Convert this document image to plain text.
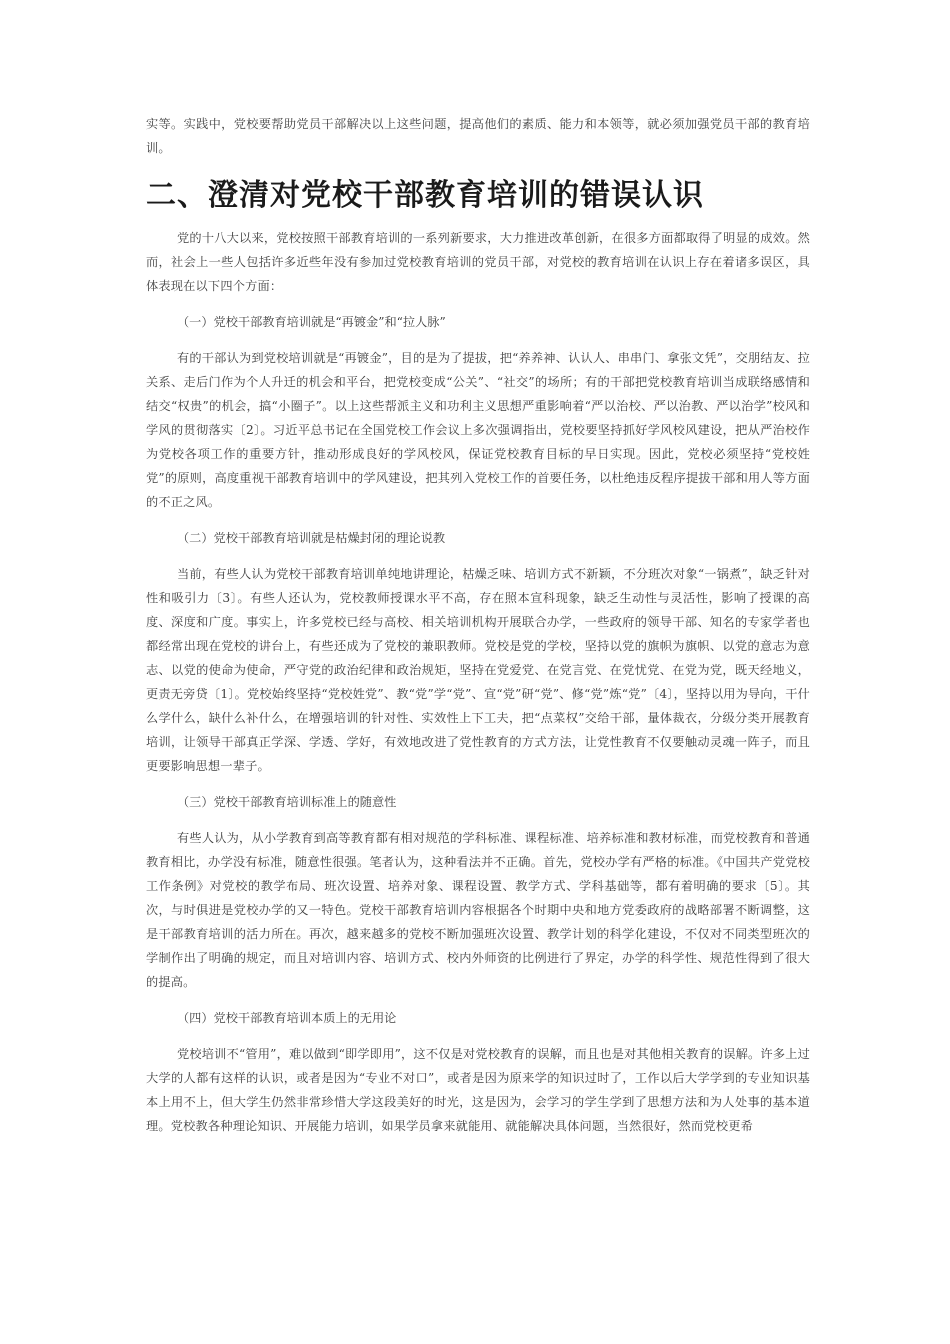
实等。实践中，党校要帮助党员干部解决以上这些问题，提高他们的素质、能力和本领等，就必须加强党员干部的教育培训。

二、澄清对党校干部教育培训的错误认识

党的十八大以来，党校按照干部教育培训的一系列新要求，大力推进改革创新，在很多方面都取得了明显的成效。然而，社会上一些人包括许多近些年没有参加过党校教育培训的党员干部，对党校的教育培训在认识上存在着诸多误区，具体表现在以下四个方面：

（一）党校干部教育培训就是“再镀金”和“拉人脉”

有的干部认为到党校培训就是“再镀金”，目的是为了提拔，把“养养神、认认人、串串门、拿张文凭”，交朋结友、拉关系、走后门作为个人升迁的机会和平台，把党校变成“公关”、“社交”的场所；有的干部把党校教育培训当成联络感情和结交“权贵”的机会，搞“小圈子”。以上这些帮派主义和功利主义思想严重影响着“严以治校、严以治教、严以治学”校风和学风的贯彻落实〔2〕。习近平总书记在全国党校工作会议上多次强调指出，党校要坚持抓好学风校风建设，把从严治校作为党校各项工作的重要方针，推动形成良好的学风校风，保证党校教育目标的早日实现。因此，党校必须坚持“党校姓党”的原则，高度重视干部教育培训中的学风建设，把其列入党校工作的首要任务，以杜绝违反程序提拔干部和用人等方面的不正之风。

（二）党校干部教育培训就是枯燥封闭的理论说教

当前，有些人认为党校干部教育培训单纯地讲理论，枯燥乏味、培训方式不新颖，不分班次对象“一锅煮”，缺乏针对性和吸引力〔3〕。有些人还认为，党校教师授课水平不高，存在照本宣科现象，缺乏生动性与灵活性，影响了授课的高度、深度和广度。事实上，许多党校已经与高校、相关培训机构开展联合办学，一些政府的领导干部、知名的专家学者也都经常出现在党校的讲台上，有些还成为了党校的兼职教师。党校是党的学校，坚持以党的旗帜为旗帜、以党的意志为意志、以党的使命为使命，严守党的政治纪律和政治规矩，坚持在党爱党、在党言党、在党忧党、在党为党，既天经地义，更责无旁贷〔1〕。党校始终坚持“党校姓党”、教“党”学“党”、宣“党”研“党”、修“党”炼“党”〔4〕，坚持以用为导向，干什么学什么，缺什么补什么，在增强培训的针对性、实效性上下工夫，把“点菜权”交给干部，量体裁衣，分级分类开展教育培训，让领导干部真正学深、学透、学好，有效地改进了党性教育的方式方法，让党性教育不仅要触动灵魂一阵子，而且更要影响思想一辈子。

（三）党校干部教育培训标准上的随意性

有些人认为，从小学教育到高等教育都有相对规范的学科标准、课程标准、培养标准和教材标准，而党校教育和普通教育相比，办学没有标准，随意性很强。笔者认为，这种看法并不正确。首先，党校办学有严格的标准。《中国共产党党校工作条例》对党校的教学布局、班次设置、培养对象、课程设置、教学方式、学科基础等，都有着明确的要求〔5〕。其次，与时俱进是党校办学的又一特色。党校干部教育培训内容根据各个时期中央和地方党委政府的战略部署不断调整，这是干部教育培训的活力所在。再次，越来越多的党校不断加强班次设置、教学计划的科学化建设，不仅对不同类型班次的学制作出了明确的规定，而且对培训内容、培训方式、校内外师资的比例进行了界定，办学的科学性、规范性得到了很大的提高。

（四）党校干部教育培训本质上的无用论

党校培训不“管用”，难以做到“即学即用”，这不仅是对党校教育的误解，而且也是对其他相关教育的误解。许多上过大学的人都有这样的认识，或者是因为“专业不对口”，或者是因为原来学的知识过时了，工作以后大学学到的专业知识基本上用不上，但大学生仍然非常珍惜大学这段美好的时光，这是因为，会学习的学生学到了思想方法和为人处事的基本道理。党校教各种理论知识、开展能力培训，如果学员拿来就能用、就能解决具体问题，当然很好，然而党校更希
